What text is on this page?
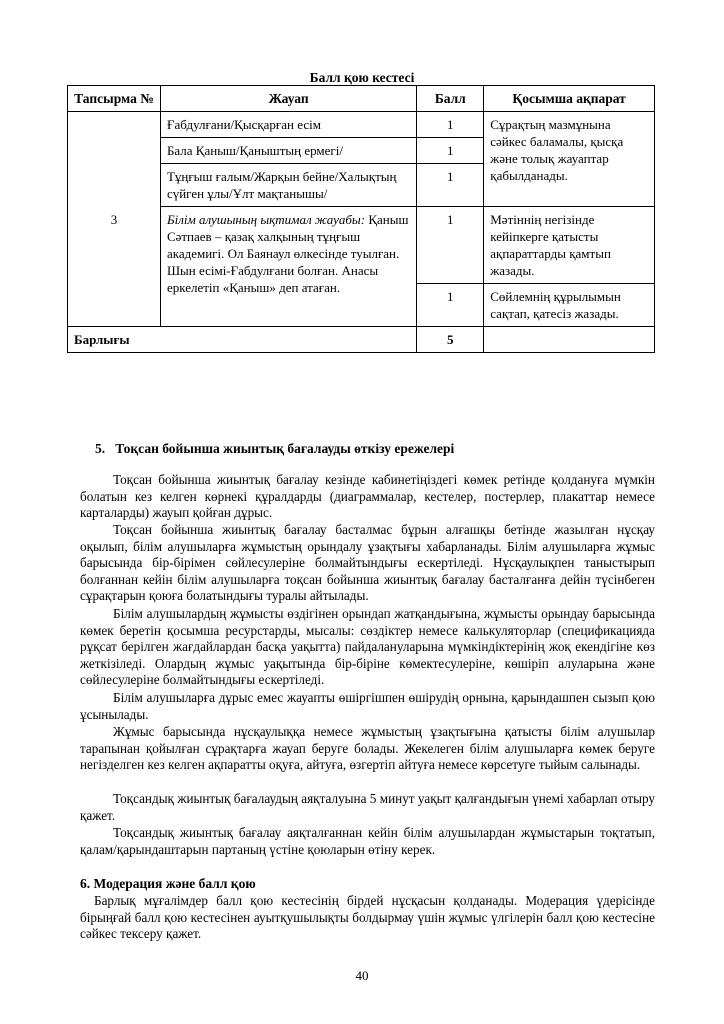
Балл қою кестесі
Тапсырма №	Жауап	Балл	Қосымша ақпарат
3	Ғабдулғани/Қысқарған есім	1	Сұрақтың мазмұнына сәйкес баламалы, қысқа және толық жауаптар қабылданады.
	Бала Қаныш/Қаныштың ермегі/	1	
	Тұңғыш ғалым/Жарқын бейне/Халықтың сүйген ұлы/Ұлт мақтанышы/	1	
	Білім алушының ықтимал жауабы: Қаныш Сәтпаев – қазақ халқының тұңғыш академигі. Ол Баянаул өлкесінде туылған. Шын есімі-Ғабдулғани болған. Анасы еркелетіп «Қаныш» деп атаған.	1	Мәтіннің негізінде кейіпкерге қатысты ақпараттарды қамтып жазады.
		1	Сөйлемнің құрылымын сақтап, қатесіз жазады.
Барлығы		5	
5. Тоқсан бойынша жиынтық бағалауды өткізу ережелері

Тоқсан бойынша жиынтық бағалау кезінде кабинетіңіздегі көмек ретінде қолдануға мүмкін болатын кез келген көрнекі құралдарды (диаграммалар, кестелер, постерлер, плакаттар немесе карталарды) жауып қойған дұрыс.

Тоқсан бойынша жиынтық бағалау басталмас бұрын алғашқы бетінде жазылған нұсқау оқылып, білім алушыларға жұмыстың орындалу ұзақтығы хабарланады. Білім алушыларға жұмыс барысында бір-бірімен сөйлесулеріне болмайтындығы ескертіледі. Нұсқаулықпен таныстырып болғаннан кейін білім алушыларға тоқсан бойынша жиынтық бағалау басталғанға дейін түсінбеген сұрақтарын қоюға болатындығы туралы айтылады.

Білім алушылардың жұмысты өздігінен орындап жатқандығына, жұмысты орындау барысында көмек беретін қосымша ресурстарды, мысалы: сөздіктер немесе калькуляторлар (спецификацияда рұқсат берілген жағдайлардан басқа уақытта) пайдалануларына мүмкіндіктерінің жоқ екендігіне көз жеткізіледі. Олардың жұмыс уақытында бір-біріне көмектесулеріне, көшіріп алуларына және сөйлесулеріне болмайтындығы ескертіледі.

Білім алушыларға дұрыс емес жауапты өшіргішпен өшірудің орнына, қарындашпен сызып қою ұсынылады.

Жұмыс барысында нұсқаулыққа немесе жұмыстың ұзақтығына қатысты білім алушылар тарапынан қойылған сұрақтарға жауап беруге болады. Жекелеген білім алушыларға көмек беруге негізделген кез келген ақпаратты оқуға, айтуға, өзгертіп айтуға немесе көрсетуге тыйым салынады.

Тоқсандық жиынтық бағалаудың аяқталуына 5 минут уақыт қалғандығын үнемі хабарлап отыру қажет.

Тоқсандық жиынтық бағалау аяқталғаннан кейін білім алушылардан жұмыстарын тоқтатып, қалам/қарындаштарын партаның үстіне қоюларын өтіну керек.

6. Модерация және балл қою

Барлық мұғалімдер балл қою кестесінің бірдей нұсқасын қолданады. Модерация үдерісінде бірыңғай балл қою кестесінен ауытқушылықты болдырмау үшін жұмыс үлгілерін балл қою кестесіне сәйкес тексеру қажет.

40
